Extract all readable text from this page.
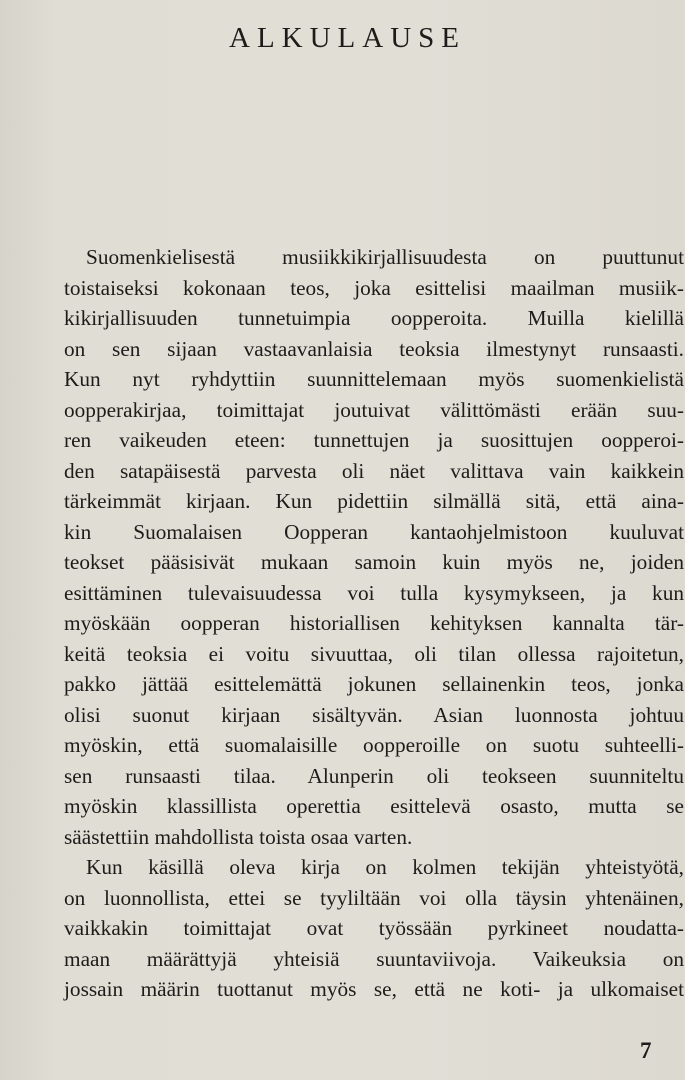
ALKULAUSE
Suomenkielisestä musiikkikirjallisuudesta on puuttunut
toistaiseksi kokonaan teos, joka esittelisi maailman musiik-
kikirjallisuuden tunnetuimpia oopperoita. Muilla kielillä
on sen sijaan vastaavanlaisia teoksia ilmestynyt runsaasti.
Kun nyt ryhdyttiin suunnittelemaan myös suomenkielistä
oopperakirjaa, toimittajat joutuivat välittömästi erään suu-
ren vaikeuden eteen: tunnettujen ja suosittujen oopperoi-
den satapäisestä parvesta oli näet valittava vain kaikkein
tärkeimmät kirjaan. Kun pidettiin silmällä sitä, että aina-
kin Suomalaisen Oopperan kantaohjelmistoon kuuluvat
teokset pääsisivät mukaan samoin kuin myös ne, joiden
esittäminen tulevaisuudessa voi tulla kysymykseen, ja kun
myöskään oopperan historiallisen kehityksen kannalta tär-
keitä teoksia ei voitu sivuuttaa, oli tilan ollessa rajoitetun,
pakko jättää esittelemättä jokunen sellainenkin teos, jonka
olisi suonut kirjaan sisältyvän. Asian luonnosta johtuu
myöskin, että suomalaisille oopperoille on suotu suhteelli-
sen runsaasti tilaa. Alunperin oli teokseen suunniteltu
myöskin klassillista operettia esittelevä osasto, mutta se
säästettiin mahdollista toista osaa varten.
Kun käsillä oleva kirja on kolmen tekijän yhteistyötä,
on luonnollista, ettei se tyyliltään voi olla täysin yhtenäinen,
vaikkakin toimittajat ovat työssään pyrkineet noudatta-
maan määrättyjä yhteisiä suuntaviivoja. Vaikeuksia on
jossain määrin tuottanut myös se, että ne koti- ja ulkomaiset
7
